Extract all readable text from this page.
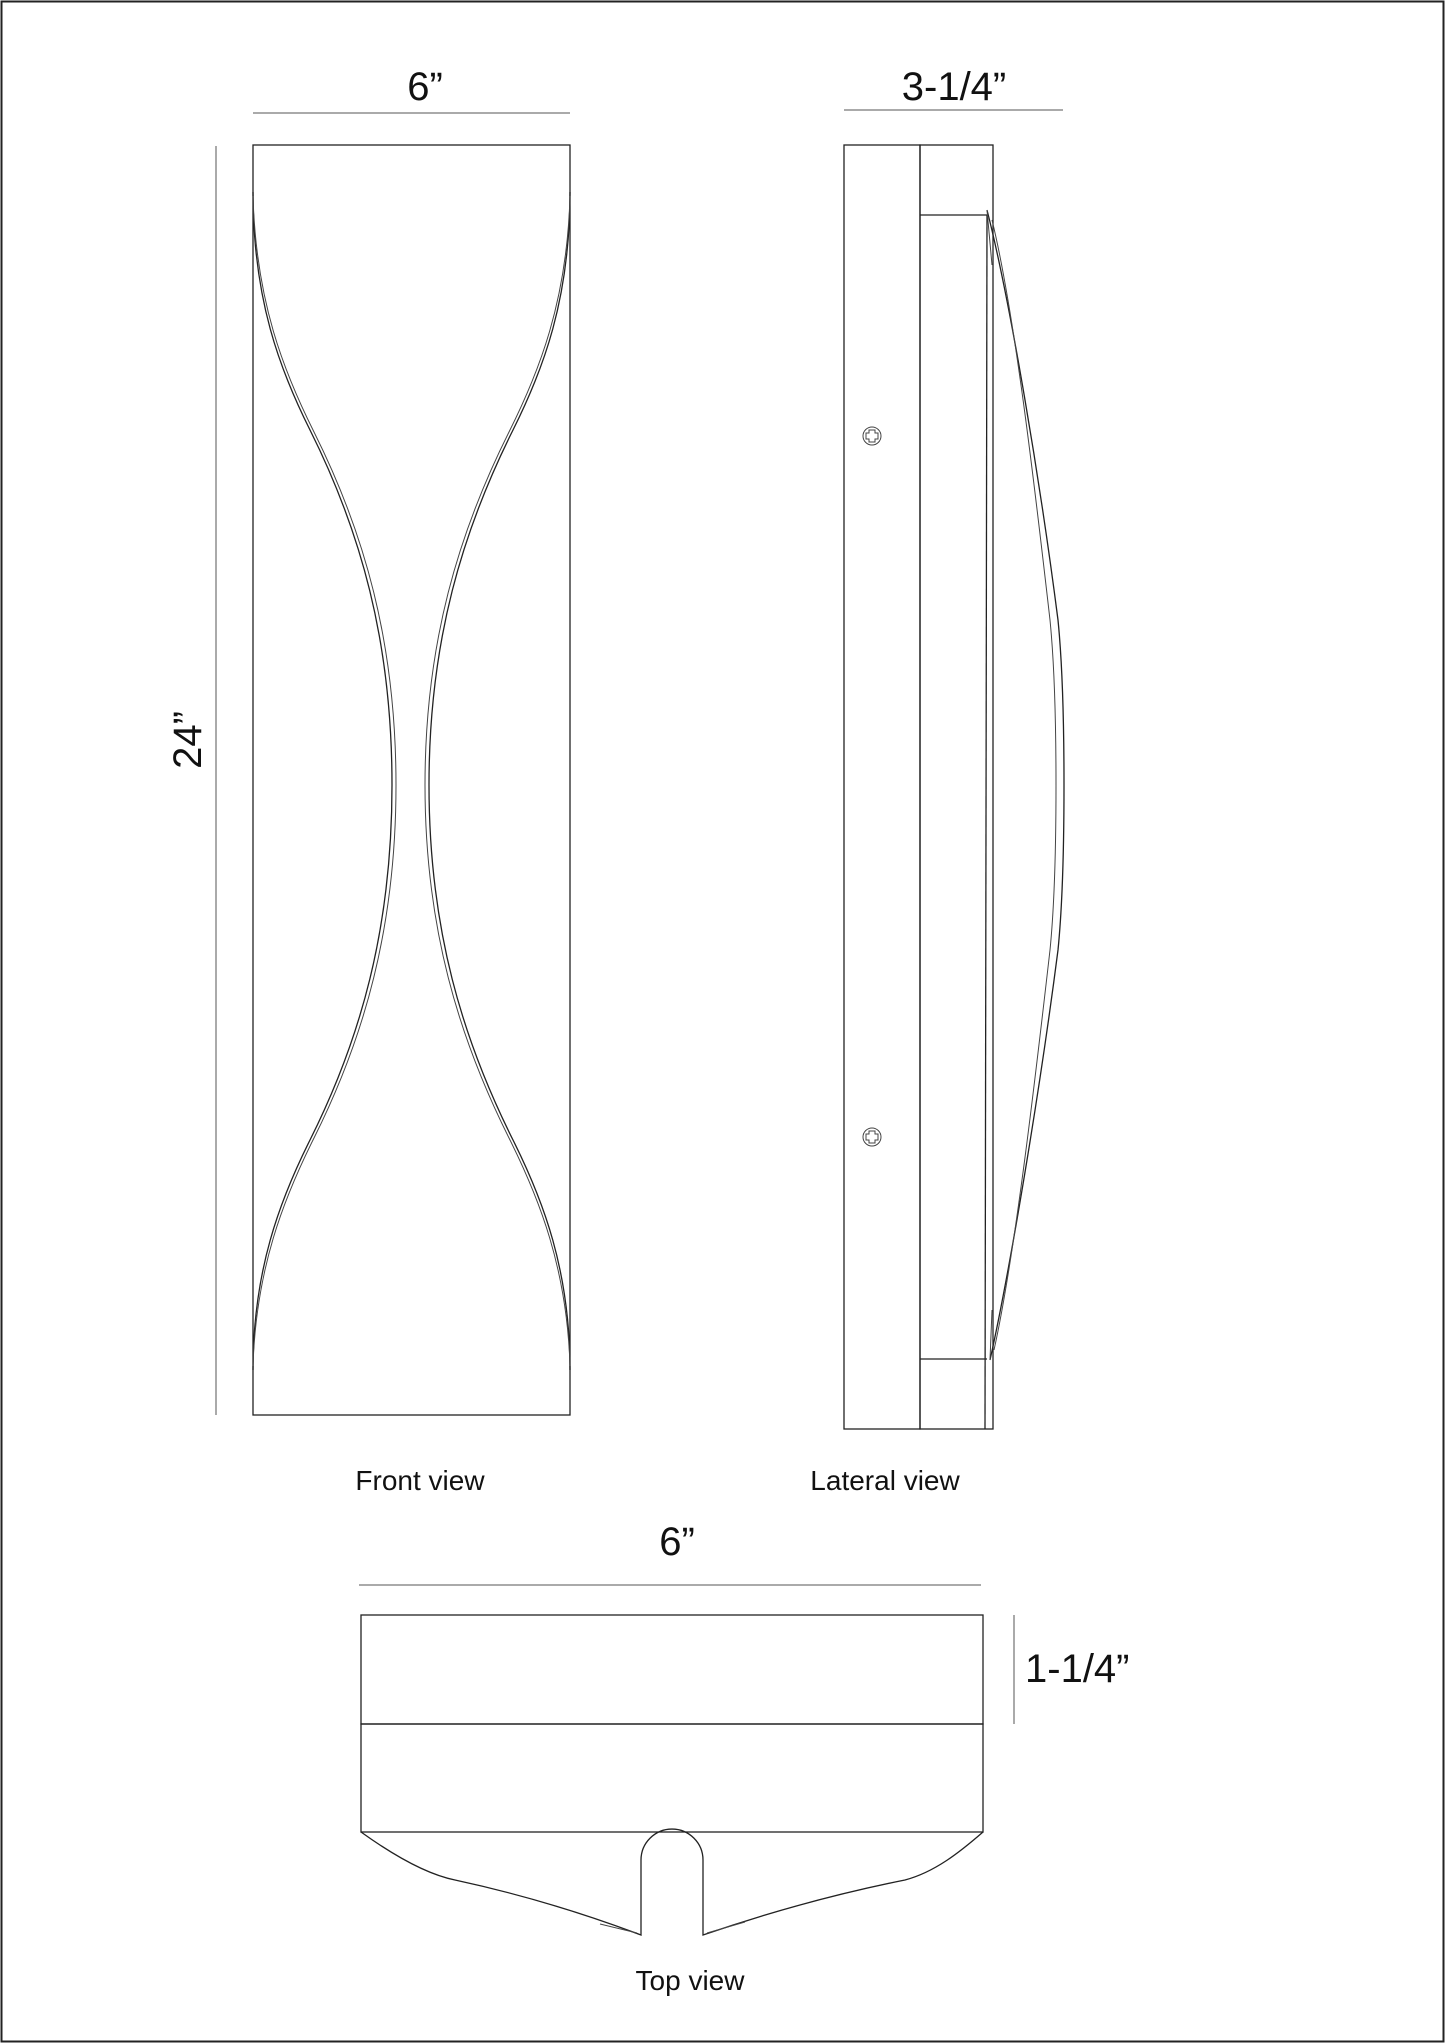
6”
24”
Front view
3-1/4”
Lateral view
6”
1-1/4”
Top view
